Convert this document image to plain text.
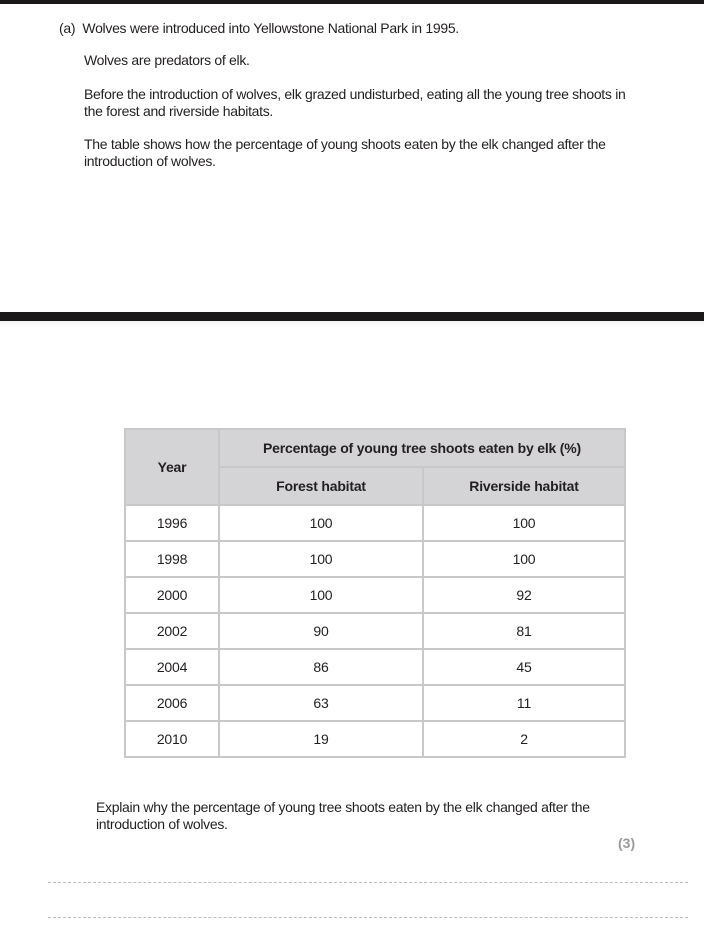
(a) Wolves were introduced into Yellowstone National Park in 1995.
Wolves are predators of elk.
Before the introduction of wolves, elk grazed undisturbed, eating all the young tree shoots in the forest and riverside habitats.
The table shows how the percentage of young shoots eaten by the elk changed after the introduction of wolves.
Year	Percentage of young tree shoots eaten by elk (%)	
	Forest habitat	Riverside habitat
1996	100	100
1998	100	100
2000	100	92
2002	90	81
2004	86	45
2006	63	11
2010	19	2
Explain why the percentage of young tree shoots eaten by the elk changed after the introduction of wolves.
(3)
